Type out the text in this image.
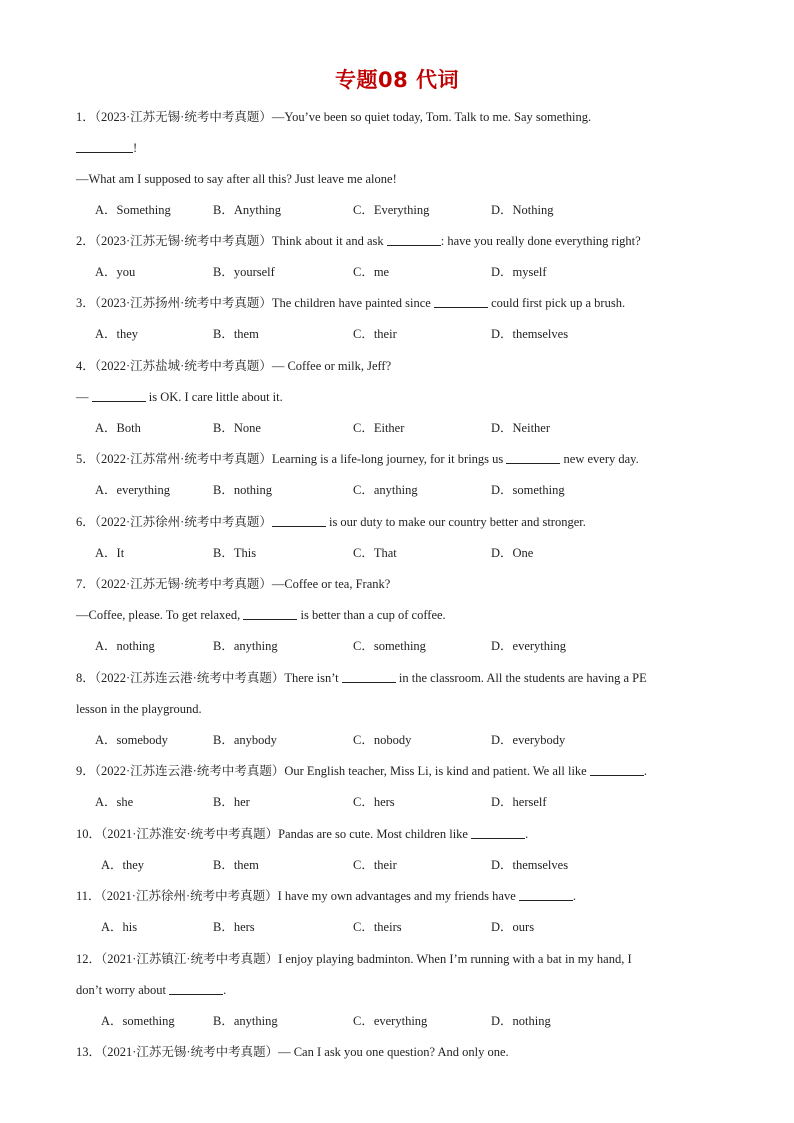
专题08 代词
1．（2023·江苏无锡·统考中考真题）—You’ve been so quiet today, Tom. Talk to me. Say something.
!
—What am I supposed to say after all this? Just leave me alone!
A．Something	B．Anything	C．Everything	D．Nothing
2．（2023·江苏无锡·统考中考真题）Think about it and ask	: have you really done everything right?
A．you	B．yourself	C．me	D．myself
3．（2023·江苏扬州·统考中考真题）The children have painted since	could first pick up a brush.
A．they	B．them	C．their	D．themselves
4．（2022·江苏盐城·统考中考真题）— Coffee or milk, Jeff?
—	is OK. I care little about it.
A．Both	B．None	C．Either	D．Neither
5．（2022·江苏常州·统考中考真题）Learning is a life-long journey, for it brings us	new every day.
A．everything	B．nothing	C．anything	D．something
6．（2022·江苏徐州·统考中考真题）	is our duty to make our country better and stronger.
A．It	B．This	C．That	D．One
7．（2022·江苏无锡·统考中考真题）—Coffee or tea, Frank?
—Coffee, please. To get relaxed,	is better than a cup of coffee.
A．nothing	B．anything	C．something	D．everything
8．（2022·江苏连云港·统考中考真题）There isn’t	in the classroom. All the students are having a PE
lesson in the playground.
A．somebody	B．anybody	C．nobody	D．everybody
9．（2022·江苏连云港·统考中考真题）Our English teacher, Miss Li, is kind and patient. We all like	.
A．she	B．her	C．hers	D．herself
10．（2021·江苏淮安·统考中考真题）Pandas are so cute. Most children like	.
A．they	B．them	C．their	D．themselves
11．（2021·江苏徐州·统考中考真题）I have my own advantages and my friends have	.
A．his	B．hers	C．theirs	D．ours
12．（2021·江苏镇江·统考中考真题）I enjoy playing badminton. When I’m running with a bat in my hand, I
don’t worry about	.
A．something	B．anything	C．everything	D．nothing
13．（2021·江苏无锡·统考中考真题）— Can I ask you one question? And only one.
